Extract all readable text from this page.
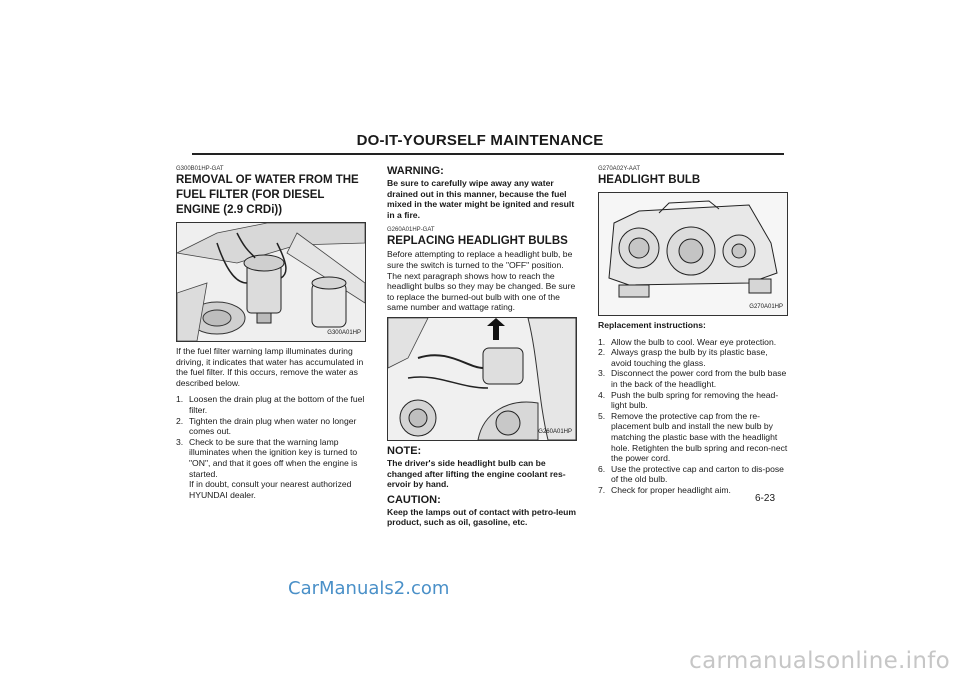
DO-IT-YOURSELF MAINTENANCE
G300B01HP-GAT
REMOVAL OF WATER FROM THE FUEL FILTER (FOR DIESEL ENGINE (2.9 CRDi))
G300A01HP

If the fuel filter warning lamp illuminates during driving, it indicates that water has accumulated in the fuel filter. If this occurs, remove the water as described below.

1. Loosen the drain plug at the bottom of the fuel filter.
2. Tighten the drain plug when water no longer comes out.
3. Check to be sure that the warning lamp illuminates when the ignition key is turned to "ON", and that it goes off when the engine is started.
If in doubt, consult your nearest authorized HYUNDAI dealer.
WARNING:

Be sure to carefully wipe away any water drained out in this manner, because the fuel mixed in the water might be ignited and result in a fire.

G260A01HP-GAT
REPLACING HEADLIGHT BULBS

Before attempting to replace a headlight bulb, be sure the switch is turned to the "OFF" position.

The next paragraph shows how to reach the headlight bulbs so they may be changed. Be sure to replace the burned-out bulb with one of the same number and wattage rating.

G260A01HP
NOTE:

The driver's side headlight bulb can be changed after lifting the engine coolant res-ervoir by hand.

CAUTION:

Keep the lamps out of contact with petro-leum product, such as oil, gasoline, etc.

G270A02Y-AAT
HEADLIGHT BULB
G270A01HP
Replacement instructions:
1. Allow the bulb to cool. Wear eye protection.
2. Always grasp the bulb by its plastic base, avoid touching the glass.
3. Disconnect the power cord from the bulb base in the back of the headlight.
4. Push the bulb spring for removing the head-light bulb.
5. Remove the protective cap from the re-placement bulb and install the new bulb by matching the plastic base with the headlight hole. Retighten the bulb spring and recon-nect the power cord.
6. Use the protective cap and carton to dis-pose of the old bulb.
7. Check for proper headlight aim.
6-23
CarManuals2.com
carmanualsonline.info
